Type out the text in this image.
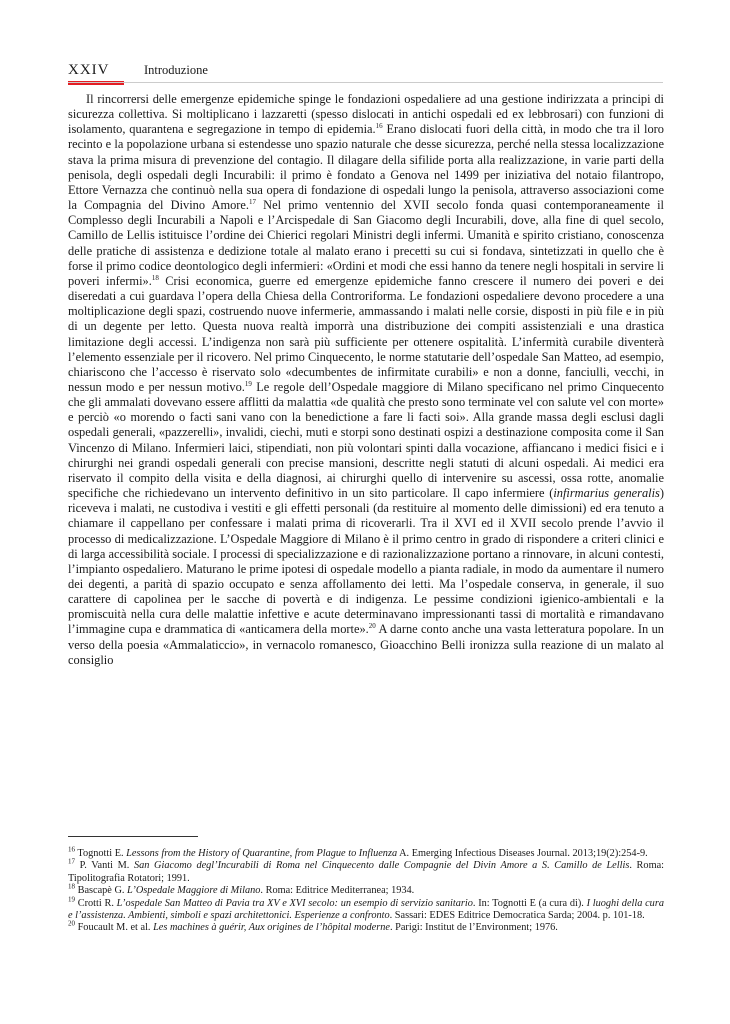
XXIV	Introduzione

Il rincorrersi delle emergenze epidemiche spinge le fondazioni ospedaliere ad una gestione indirizzata a principi di sicurezza collettiva. Si moltiplicano i lazzaretti (spesso dislocati in antichi ospedali ed ex lebbrosari) con funzioni di isolamento, quarantena e segregazione in tempo di epidemia.$^{16}$ Erano dislocati fuori della città, in modo che tra il loro recinto e la popolazione urbana si estendesse uno spazio naturale che desse sicurezza, perché nella stessa localizzazione stava la prima misura di prevenzione del contagio. Il dilagare della sifilide porta alla realizzazione, in varie parti della penisola, degli ospedali degli Incurabili: il primo è fondato a Genova nel 1499 per iniziativa del notaio filantropo, Ettore Vernazza che continuò nella sua opera di fondazione di ospedali lungo la penisola, attraverso associazioni come la Compagnia del Divino Amore.$^{17}$ Nel primo ventennio del XVII secolo fonda quasi contemporaneamente il Complesso degli Incurabili a Napoli e l’Arcispedale di San Giacomo degli Incurabili, dove, alla fine di quel secolo, Camillo de Lellis istituisce l’ordine dei Chierici regolari Ministri degli infermi. Umanità e spirito cristiano, conoscenza delle pratiche di assistenza e dedizione totale al malato erano i precetti su cui si fondava, sintetizzati in quello che è forse il primo codice deontologico degli infermieri: «Ordini et modi che essi hanno da tenere negli hospitali in servire li poveri infermi».$^{18}$ Crisi economica, guerre ed emergenze epidemiche fanno crescere il numero dei poveri e dei diseredati a cui guardava l’opera della Chiesa della Controriforma. Le fondazioni ospedaliere devono procedere a una moltiplicazione degli spazi, costruendo nuove infermerie, ammassando i malati nelle corsie, disposti in più file e in più di un degente per letto. Questa nuova realtà imporrà una distribuzione dei compiti assistenziali e una drastica limitazione degli accessi. L’indigenza non sarà più sufficiente per ottenere ospitalità. L’infermità curabile diventerà l’elemento essenziale per il ricovero. Nel primo Cinquecento, le norme statutarie dell’ospedale San Matteo, ad esempio, chiariscono che l’accesso è riservato solo «decumbentes de infirmitate curabili» e non a donne, fanciulli, vecchi, in nessun modo e per nessun motivo.$^{19}$ Le regole dell’Ospedale maggiore di Milano specificano nel primo Cinquecento che gli ammalati dovevano essere afflitti da malattia «de qualità che presto sono terminate vel con salute vel con morte» e perciò «o morendo o facti sani vano con la benedictione a fare li facti soi». Alla grande massa degli esclusi dagli ospedali generali, «pazzerelli», invalidi, ciechi, muti e storpi sono destinati ospizi a destinazione composita come il San Vincenzo di Milano. Infermieri laici, stipendiati, non più volontari spinti dalla vocazione, affiancano i medici fisici e i chirurghi nei grandi ospedali generali con precise mansioni, descritte negli statuti di alcuni ospedali. Ai medici era riservato il compito della visita e della diagnosi, ai chirurghi quello di intervenire su ascessi, ossa rotte, anomalie specifiche che richiedevano un intervento definitivo in un sito particolare. Il capo infermiere (infirmarius generalis) riceveva i malati, ne custodiva i vestiti e gli effetti personali (da restituire al momento delle dimissioni) ed era tenuto a chiamare il cappellano per confessare i malati prima di ricoverarli. Tra il XVI ed il XVII secolo prende l’avvio il processo di medicalizzazione. L’Ospedale Maggiore di Milano è il primo centro in grado di rispondere a criteri clinici e di larga accessibilità sociale. I processi di specializzazione e di razionalizzazione portano a rinnovare, in alcuni contesti, l’impianto ospedaliero. Maturano le prime ipotesi di ospedale modello a pianta radiale, in modo da aumentare il numero dei degenti, a parità di spazio occupato e senza affollamento dei letti. Ma l’ospedale conserva, in generale, il suo carattere di capolinea per le sacche di povertà e di indigenza. Le pessime condizioni igienico-ambientali e la promiscuità nella cura delle malattie infettive e acute determinavano impressionanti tassi di mortalità e rimandavano l’immagine cupa e drammatica di «anticamera della morte».$^{20}$ A darne conto anche una vasta letteratura popolare. In un verso della poesia «Ammalaticcio», in vernacolo romanesco, Gioacchino Belli ironizza sulla reazione di un malato al consiglio

$^{16}$ Tognotti E. Lessons from the History of Quarantine, from Plague to Influenza A. Emerging Infectious Diseases Journal. 2013;19(2):254-9.

$^{17}$ P. Vanti M. San Giacomo degl’Incurabili di Roma nel Cinquecento dalle Compagnie del Divin Amore a S. Camillo de Lellis. Roma: Tipolitografia Rotatori; 1991.

$^{18}$ Bascapè G. L’Ospedale Maggiore di Milano. Roma: Editrice Mediterranea; 1934.

$^{19}$ Crotti R. L’ospedale San Matteo di Pavia tra XV e XVI secolo: un esempio di servizio sanitario. In: Tognotti E (a cura di). I luoghi della cura e l’assistenza. Ambienti, simboli e spazi architettonici. Esperienze a confronto. Sassari: EDES Editrice Democratica Sarda; 2004. p. 101-18.

$^{20}$ Foucault M. et al. Les machines à guérir, Aux origines de l’hôpital moderne. Parigi: Institut de l’Environment; 1976.
